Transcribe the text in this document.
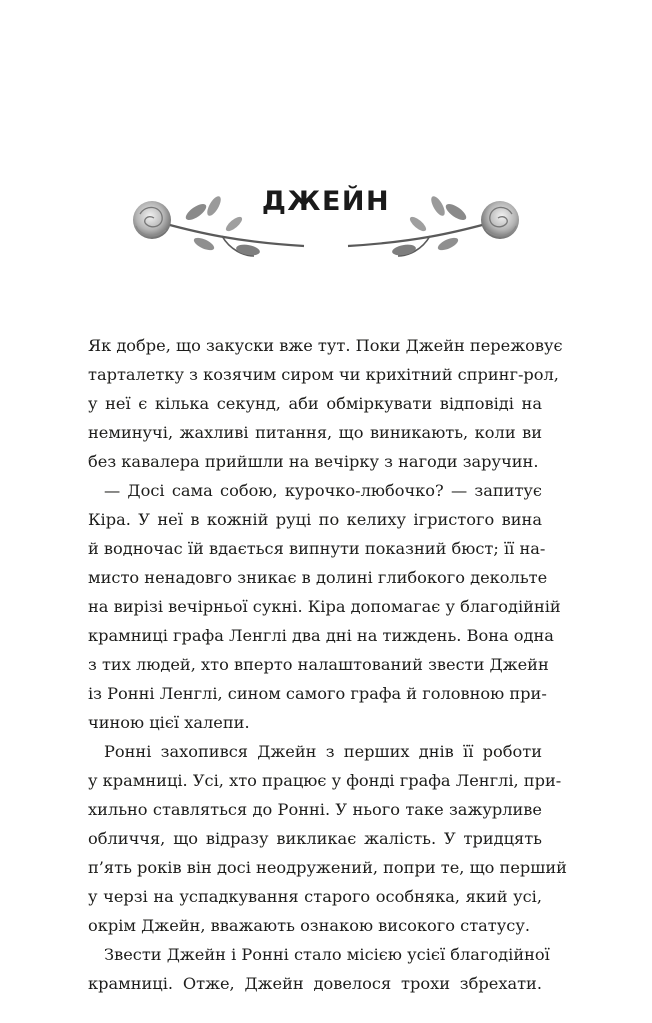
ДЖЕЙН
Як добре, що закуски вже тут. Поки Джейн пережовує
тарталетку з козячим сиром чи крихітний спринг-рол,
у неї є кілька секунд, аби обміркувати відповіді на
неминучі, жахливі питання, що виникають, коли ви
без кавалера прийшли на вечірку з нагоди заручин.
— Досі сама собою, курочко-любочко? — запитує
Кіра. У неї в кожній руці по келиху ігристого вина
й водночас їй вдається випнути показний бюст; її на-
мисто ненадовго зникає в долині глибокого декольте
на вирізі вечірньої сукні. Кіра допомагає у благодійній
крамниці графа Ленглі два дні на тиждень. Вона одна
з тих людей, хто вперто налаштований звести Джейн
із Ронні Ленглі, сином самого графа й головною при-
чиною цієї халепи.
Ронні захопився Джейн з перших днів її роботи
у крамниці. Усі, хто працює у фонді графа Ленглі, при-
хильно ставляться до Ронні. У нього таке зажурливе
обличчя, що відразу викликає жалість. У тридцять
п’ять років він досі неодружений, попри те, що перший
у черзі на успадкування старого особняка, який усі,
окрім Джейн, вважають ознакою високого статусу.
Звести Джейн і Ронні стало місією усієї благодійної
крамниці. Отже, Джейн довелося трохи збрехати.
